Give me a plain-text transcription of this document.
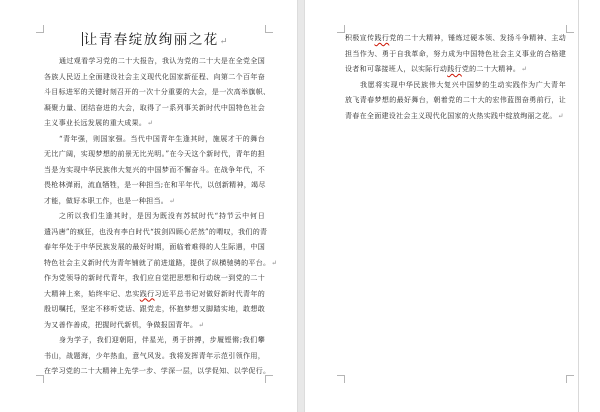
让青春绽放绚丽之花↵
通过观看学习党的二十大报告，我认为党的二十大是在全党全国
各族人民迈上全面建设社会主义现代化国家新征程、向第二个百年奋
斗目标进军的关键时刻召开的一次十分重要的大会，是一次高举旗帜、
凝聚力量、团结奋进的大会，取得了一系列事关新时代中国特色社会
主义事业长远发展的重大成果。↵
“青年强，则国家强。当代中国青年生逢其时，施展才干的舞台
无比广阔，实现梦想的前景无比光明。”在今天这个新时代，青年的担
当是为实现中华民族伟大复兴的中国梦而不懈奋斗。在战争年代，不
畏枪林弹雨，流血牺牲，是一种担当;在和平年代，以创新精神，竭尽
才能，做好本职工作，也是一种担当。↵
之所以我们生逢其时，是因为既没有苏轼时代“持节云中何日
遣冯唐”的疯狂，也没有李白时代“拔剑四顾心茫然”的喟叹，我们的青
春年华处于中华民族发展的最好时期，面临着难得的人生际遇，中国
特色社会主义新时代为青年铺就了前进道路，提供了纵横驰骋的平台。↵
作为党领导的新时代青年，我们应自觉把思想和行动统一到党的二十
大精神上来，始终牢记、忠实践行习近平总书记对做好新时代青年的
殷切嘱托，坚定不移听党话、跟党走，怀抱梦想又脚踏实地，敢想敢
为又善作善成，把握时代新机，争做报国青年。↵
身为学子，我们迎朝阳，伴星光，勇于拼搏，步履铿锵;我们攀
书山，战题海，少年热血，意气风发。我将发挥青年示范引领作用，
在学习党的二十大精神上先学一步、学深一层，以学促知、以学促行。
积极宣传践行党的二十大精神，锤炼过硬本领、发扬斗争精神、主动
担当作为、勇于自我革命，努力成为中国特色社会主义事业的合格建
设者和可靠接班人，以实际行动践行党的二十大精神。↵
我愿将实现中华民族伟大复兴中国梦的生动实践作为广大青年
放飞青春梦想的最好舞台，朝着党的二十大的宏伟蓝图奋勇前行，让
青春在全面建设社会主义现代化国家的火热实践中绽放绚丽之花。↵
